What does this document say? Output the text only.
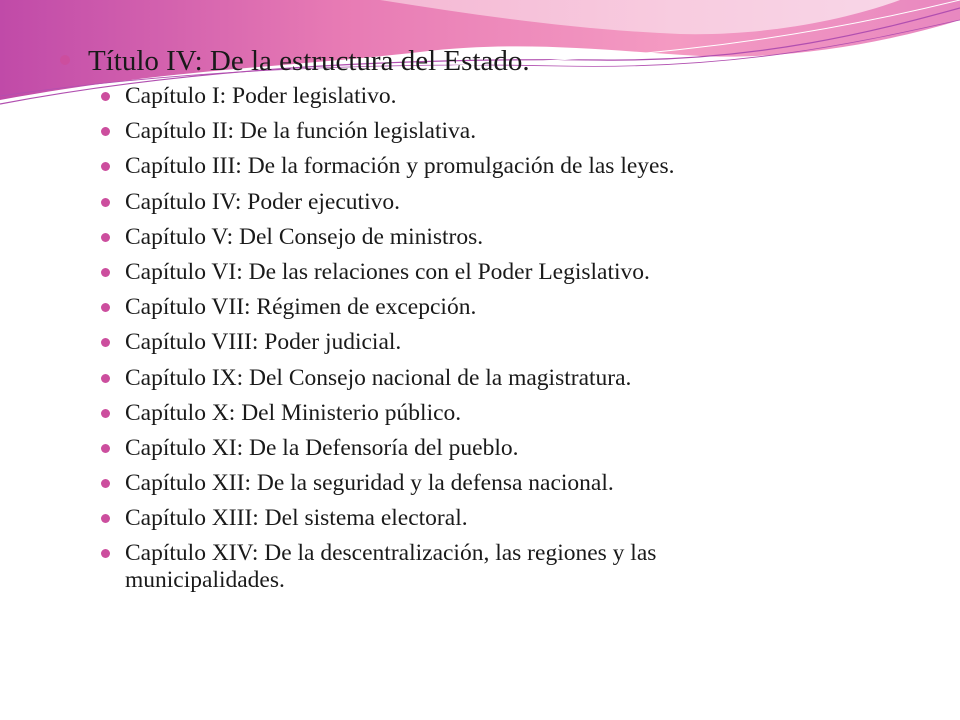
Título IV: De la estructura del Estado.
Capítulo I: Poder legislativo.
Capítulo II: De la función legislativa.
Capítulo III: De la formación y promulgación de las leyes.
Capítulo IV: Poder ejecutivo.
Capítulo V: Del Consejo de ministros.
Capítulo VI: De las relaciones con el Poder Legislativo.
Capítulo VII: Régimen de excepción.
Capítulo VIII: Poder judicial.
Capítulo IX: Del Consejo nacional de la magistratura.
Capítulo X: Del Ministerio público.
Capítulo XI: De la Defensoría del pueblo.
Capítulo XII: De la seguridad y la defensa nacional.
Capítulo XIII: Del sistema electoral.
Capítulo XIV: De la descentralización, las regiones y las municipalidades.
